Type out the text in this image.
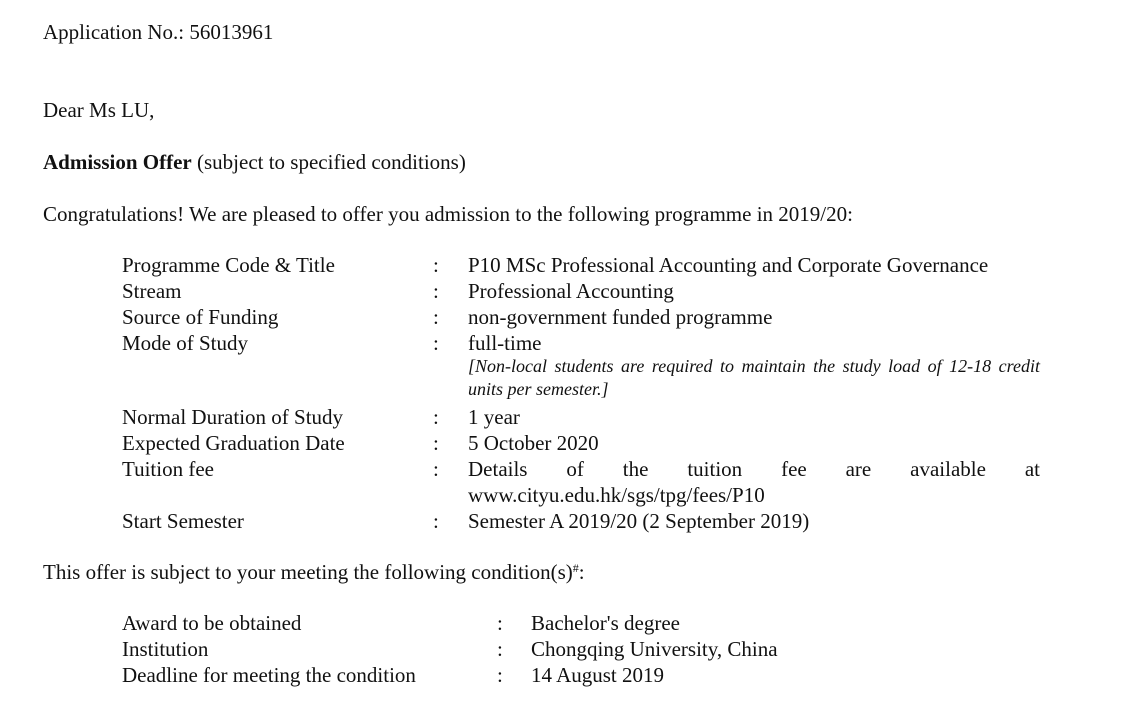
Application No.: 56013961
Dear Ms LU,
Admission Offer (subject to specified conditions)
Congratulations! We are pleased to offer you admission to the following programme in 2019/20:
Programme Code & Title	: P10 MSc Professional Accounting and Corporate Governance
Stream	: Professional Accounting
Source of Funding	: non-government funded programme
Mode of Study	: full-time
[Non-local students are required to maintain the study load of 12-18 credit units per semester.]
Normal Duration of Study	: 1 year
Expected Graduation Date	: 5 October 2020
Tuition fee	: Details of the tuition fee are available at
www.cityu.edu.hk/sgs/tpg/fees/P10
Start Semester	: Semester A 2019/20 (2 September 2019)
This offer is subject to your meeting the following condition(s)#:
Award to be obtained	: Bachelor's degree
Institution	: Chongqing University, China
Deadline for meeting the condition	: 14 August 2019
